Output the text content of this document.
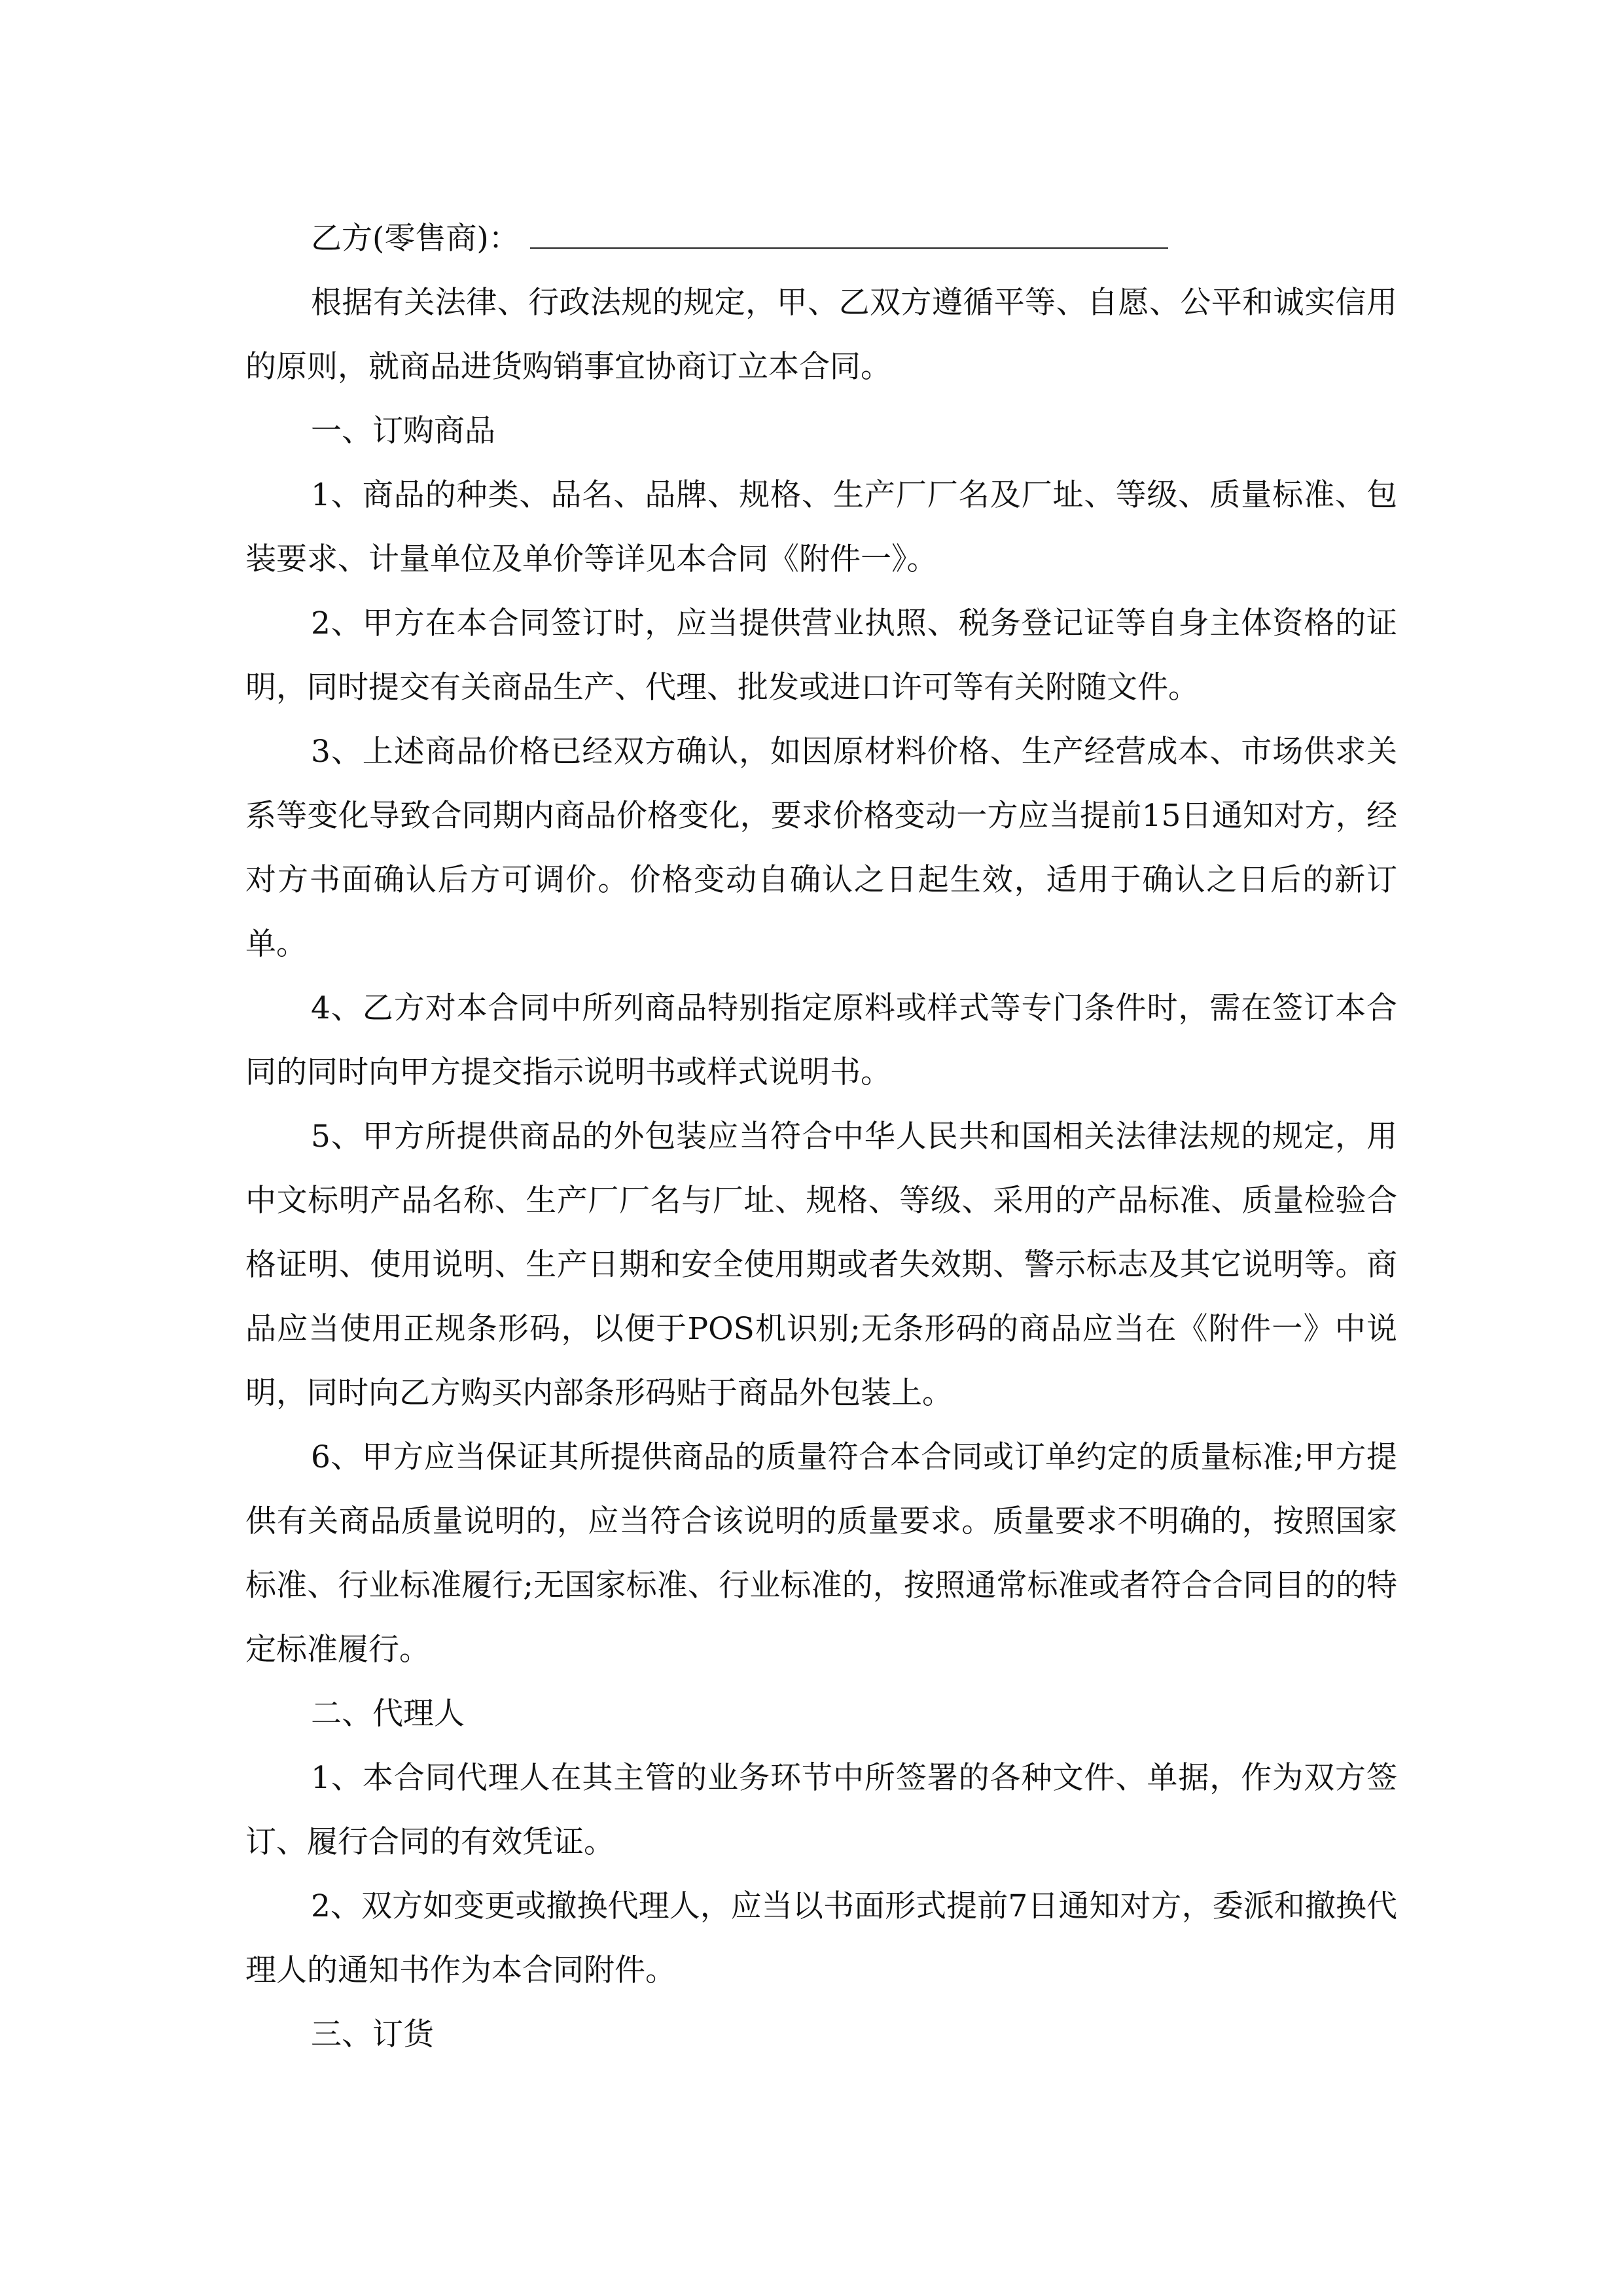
乙方(零售商)：

根据有关法律、行政法规的规定，甲、乙双方遵循平等、自愿、公平和诚实信用的原则，就商品进货购销事宜协商订立本合同。

一、订购商品

1、商品的种类、品名、品牌、规格、生产厂厂名及厂址、等级、质量标准、包装要求、计量单位及单价等详见本合同《附件一》。

2、甲方在本合同签订时，应当提供营业执照、税务登记证等自身主体资格的证明，同时提交有关商品生产、代理、批发或进口许可等有关附随文件。

3、上述商品价格已经双方确认，如因原材料价格、生产经营成本、市场供求关系等变化导致合同期内商品价格变化，要求价格变动一方应当提前15日通知对方，经对方书面确认后方可调价。价格变动自确认之日起生效，适用于确认之日后的新订单。

4、乙方对本合同中所列商品特别指定原料或样式等专门条件时，需在签订本合同的同时向甲方提交指示说明书或样式说明书。

5、甲方所提供商品的外包装应当符合中华人民共和国相关法律法规的规定，用中文标明产品名称、生产厂厂名与厂址、规格、等级、采用的产品标准、质量检验合格证明、使用说明、生产日期和安全使用期或者失效期、警示标志及其它说明等。商品应当使用正规条形码，以便于POS机识别;无条形码的商品应当在《附件一》中说明，同时向乙方购买内部条形码贴于商品外包装上。

6、甲方应当保证其所提供商品的质量符合本合同或订单约定的质量标准;甲方提供有关商品质量说明的，应当符合该说明的质量要求。质量要求不明确的，按照国家标准、行业标准履行;无国家标准、行业标准的，按照通常标准或者符合合同目的的特定标准履行。

二、代理人

1、本合同代理人在其主管的业务环节中所签署的各种文件、单据，作为双方签订、履行合同的有效凭证。

2、双方如变更或撤换代理人，应当以书面形式提前7日通知对方，委派和撤换代理人的通知书作为本合同附件。

三、订货
